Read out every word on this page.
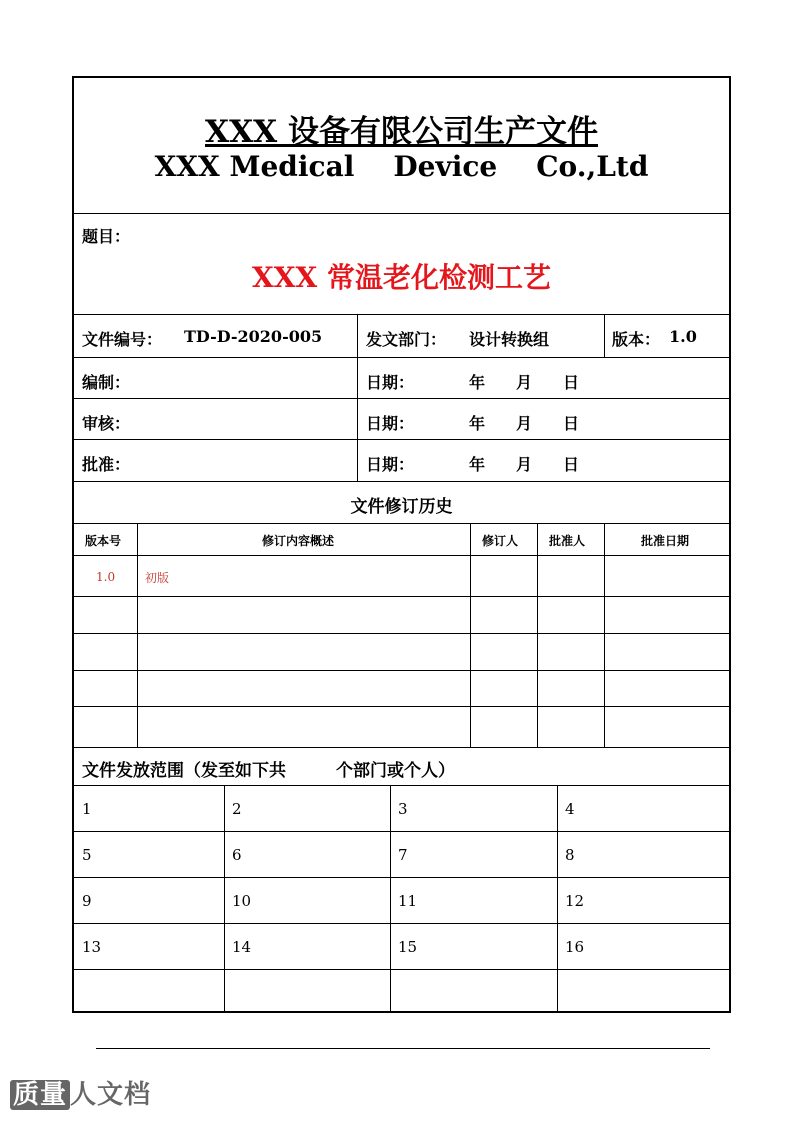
XXX 设备有限公司生产文件
XXX Medical Device Co.,Ltd
题目：
XXX 常温老化检测工艺
文件编号： TD-D-2020-005	发文部门： 设计转换组	版本： 1.0
编制：	日期：	年 月 日
审核：	日期：	年 月 日
批准：	日期：	年 月 日
文件修订历史
版本号	修订内容概述	修订人	批准人	批准日期
1.0 初版
文件发放范围（发至如下共	个部门或个人）
1	2	3	4
5	6	7	8
9	10	11	12
13	14	15	16
质量 人文档
